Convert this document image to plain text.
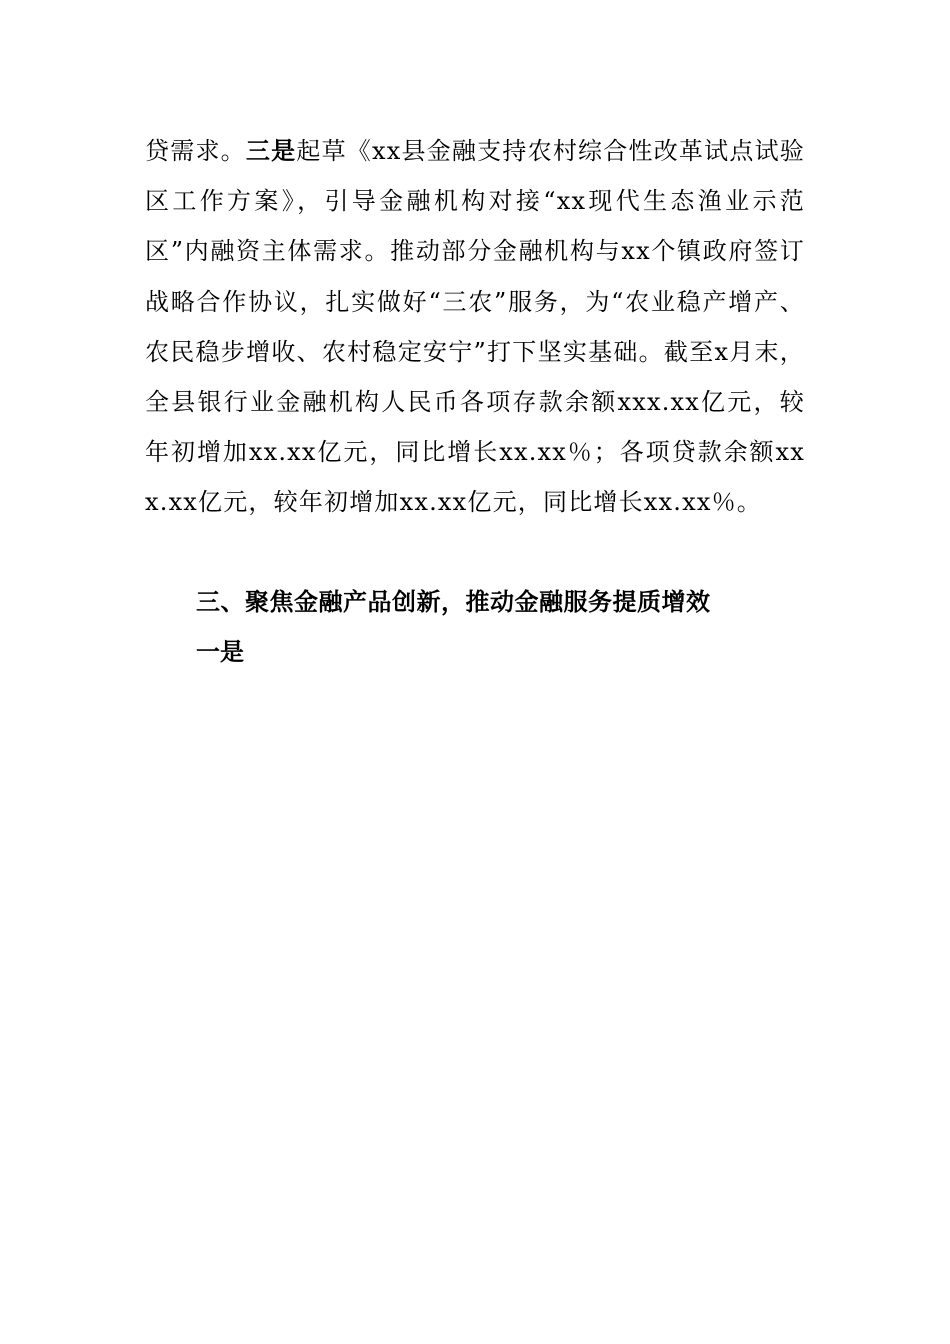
贷需求。三是起草《xx县金融支持农村综合性改革试点试验区工作方案》，引导金融机构对接“xx现代生态渔业示范区”内融资主体需求。推动部分金融机构与xx个镇政府签订战略合作协议，扎实做好“三农”服务，为“农业稳产增产、农民稳步增收、农村稳定安宁”打下坚实基础。截至x月末，全县银行业金融机构人民币各项存款余额xxx.xx亿元，较年初增加xx.xx亿元，同比增长xx.xx％；各项贷款余额xxx.xx亿元，较年初增加xx.xx亿元，同比增长xx.xx％。

三、聚焦金融产品创新，推动金融服务提质增效

一是
